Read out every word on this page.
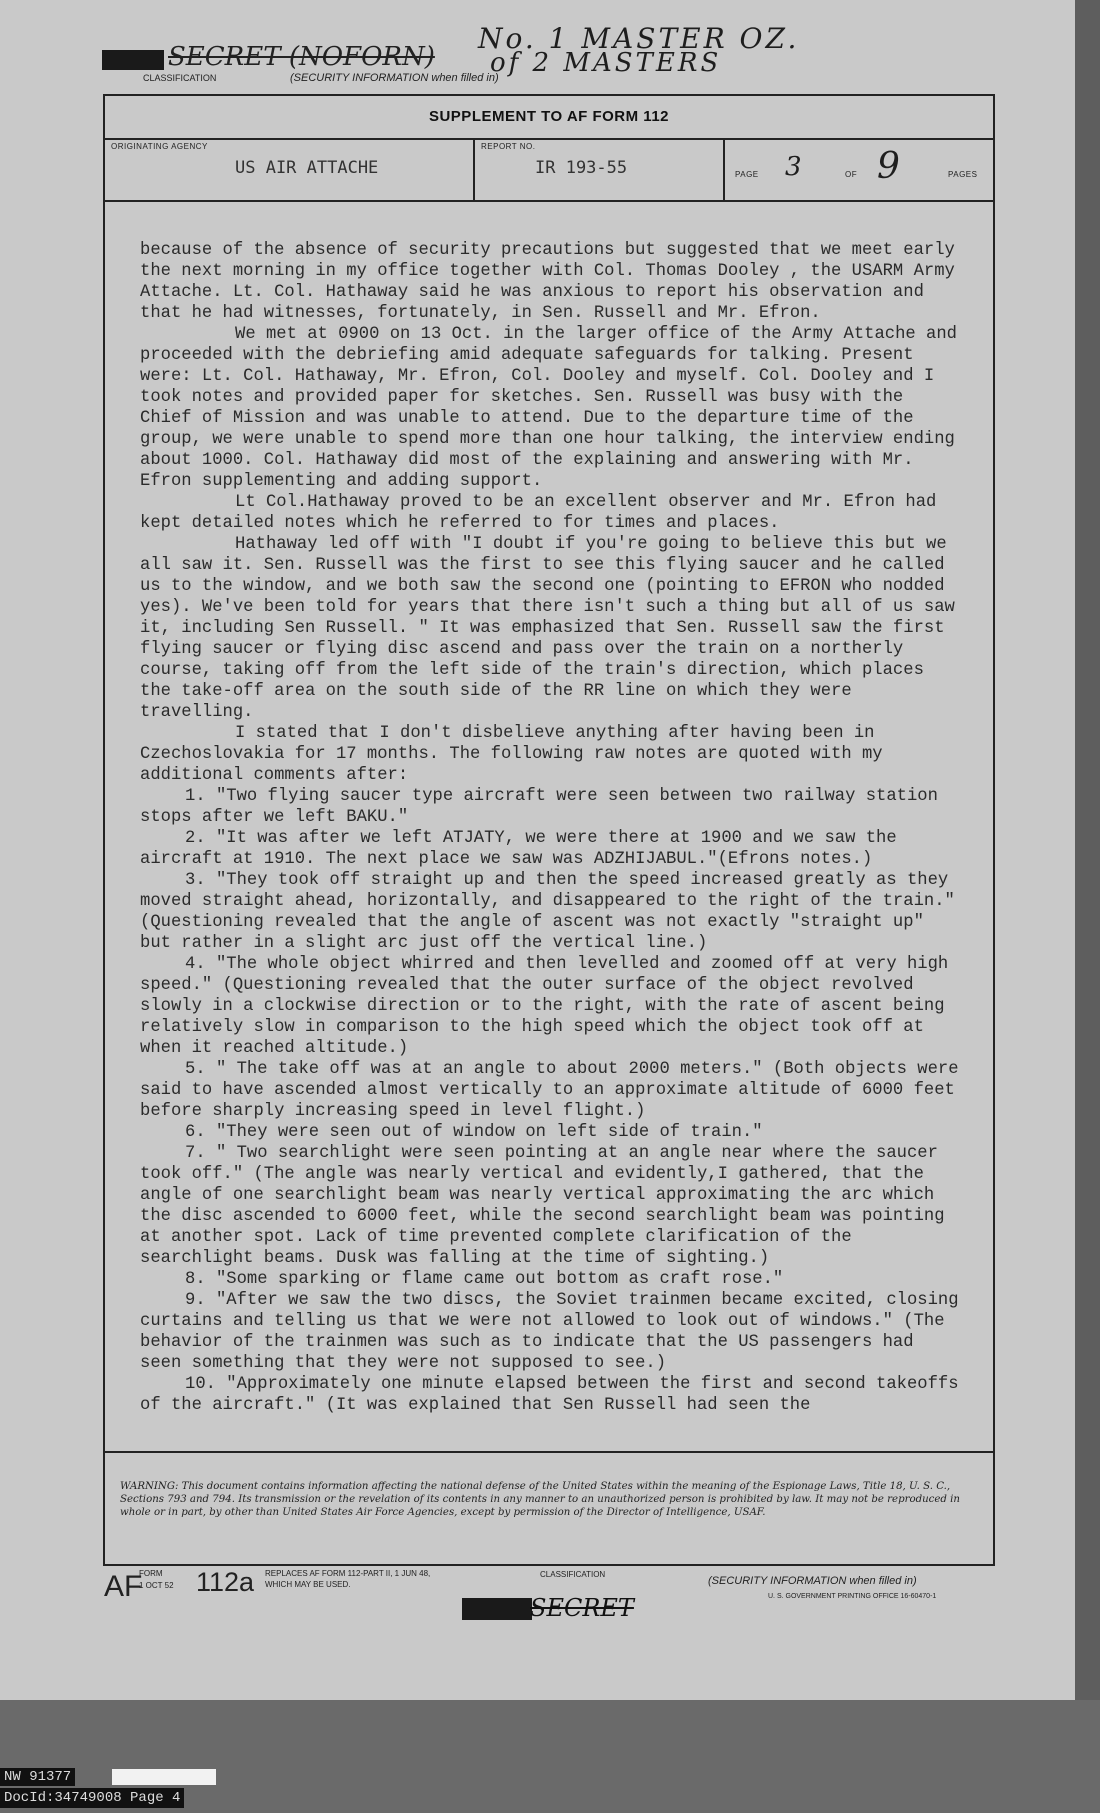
No. 1 MASTER OZ.
of 2 MASTERS
SECRET (NOFORN)
CLASSIFICATION	(SECURITY INFORMATION when filled in)
SUPPLEMENT TO AF FORM 112
ORIGINATING AGENCY
US AIR ATTACHE
REPORT NO.
IR 193-55	PAGE 3	OF 9	PAGES

because of the absence of security precautions but suggested that we meet early the next morning in my office together with Col. Thomas Dooley , the USARM Army Attache. Lt. Col. Hathaway said he was anxious to report his observation and that he had witnesses, fortunately, in Sen. Russell and Mr. Efron.

We met at 0900 on 13 Oct. in the larger office of the Army Attache and proceeded with the debriefing amid adequate safeguards for talking. Present were: Lt. Col. Hathaway, Mr. Efron, Col. Dooley and myself. Col. Dooley and I took notes and provided paper for sketches. Sen. Russell was busy with the Chief of Mission and was unable to attend. Due to the departure time of the group, we were unable to spend more than one hour talking, the interview ending about 1000. Col. Hathaway did most of the explaining and answering with Mr. Efron supplementing and adding support.

Lt Col.Hathaway proved to be an excellent observer and Mr. Efron had kept detailed notes which he referred to for times and places.

Hathaway led off with "I doubt if you're going to believe this but we all saw it. Sen. Russell was the first to see this flying saucer and he called us to the window, and we both saw the second one (pointing to EFRON who nodded yes). We've been told for years that there isn't such a thing but all of us saw it, including Sen Russell. " It was emphasized that Sen. Russell saw the first flying saucer or flying disc ascend and pass over the train on a northerly course, taking off from the left side of the train's direction, which places the take-off area on the south side of the RR line on which they were travelling.

I stated that I don't disbelieve anything after having been in Czechoslovakia for 17 months. The following raw notes are quoted with my additional comments after:

1. "Two flying saucer type aircraft were seen between two railway station stops after we left BAKU."

2. "It was after we left ATJATY, we were there at 1900 and we saw the aircraft at 1910. The next place we saw was ADZHIJABUL."(Efrons notes.)

3. "They took off straight up and then the speed increased greatly as they moved straight ahead, horizontally, and disappeared to the right of the train." (Questioning revealed that the angle of ascent was not exactly "straight up" but rather in a slight arc just off the vertical line.)

4. "The whole object whirred and then levelled and zoomed off at very high speed." (Questioning revealed that the outer surface of the object revolved slowly in a clockwise direction or to the right, with the rate of ascent being relatively slow in comparison to the high speed which the object took off at when it reached altitude.)

5. " The take off was at an angle to about 2000 meters." (Both objects were said to have ascended almost vertically to an approximate altitude of 6000 feet before sharply increasing speed in level flight.)

6. "They were seen out of window on left side of train."

7. " Two searchlight were seen pointing at an angle near where the saucer took off." (The angle was nearly vertical and evidently,I gathered, that the angle of one searchlight beam was nearly vertical approximating the arc which the disc ascended to 6000 feet, while the second searchlight beam was pointing at another spot. Lack of time prevented complete clarification of the searchlight beams. Dusk was falling at the time of sighting.)

8. "Some sparking or flame came out bottom as craft rose."

9. "After we saw the two discs, the Soviet trainmen became excited, closing curtains and telling us that we were not allowed to look out of windows." (The behavior of the trainmen was such as to indicate that the US passengers had seen something that they were not supposed to see.)

10. "Approximately one minute elapsed between the first and second takeoffs of the aircraft." (It was explained that Sen Russell had seen the

WARNING: This document contains information affecting the national defense of the United States within the meaning of the Espionage Laws, Title 18, U. S. C., Sections 793 and 794. Its transmission or the revelation of its contents in any manner to an unauthorized person is prohibited by law. It may not be reproduced in whole or in part, by other than United States Air Force Agencies, except by permission of the Director of Intelligence, USAF.
AF
FORM
1 OCT 52 112a REPLACES AF FORM 112-PART II, 1 JUN 48,
WHICH MAY BE USED.
CLASSIFICATION
(SECURITY INFORMATION when filled in)
U. S. GOVERNMENT PRINTING OFFICE 16-60470-1
SECRET
NW 91377
DocId:34749008 Page 4
